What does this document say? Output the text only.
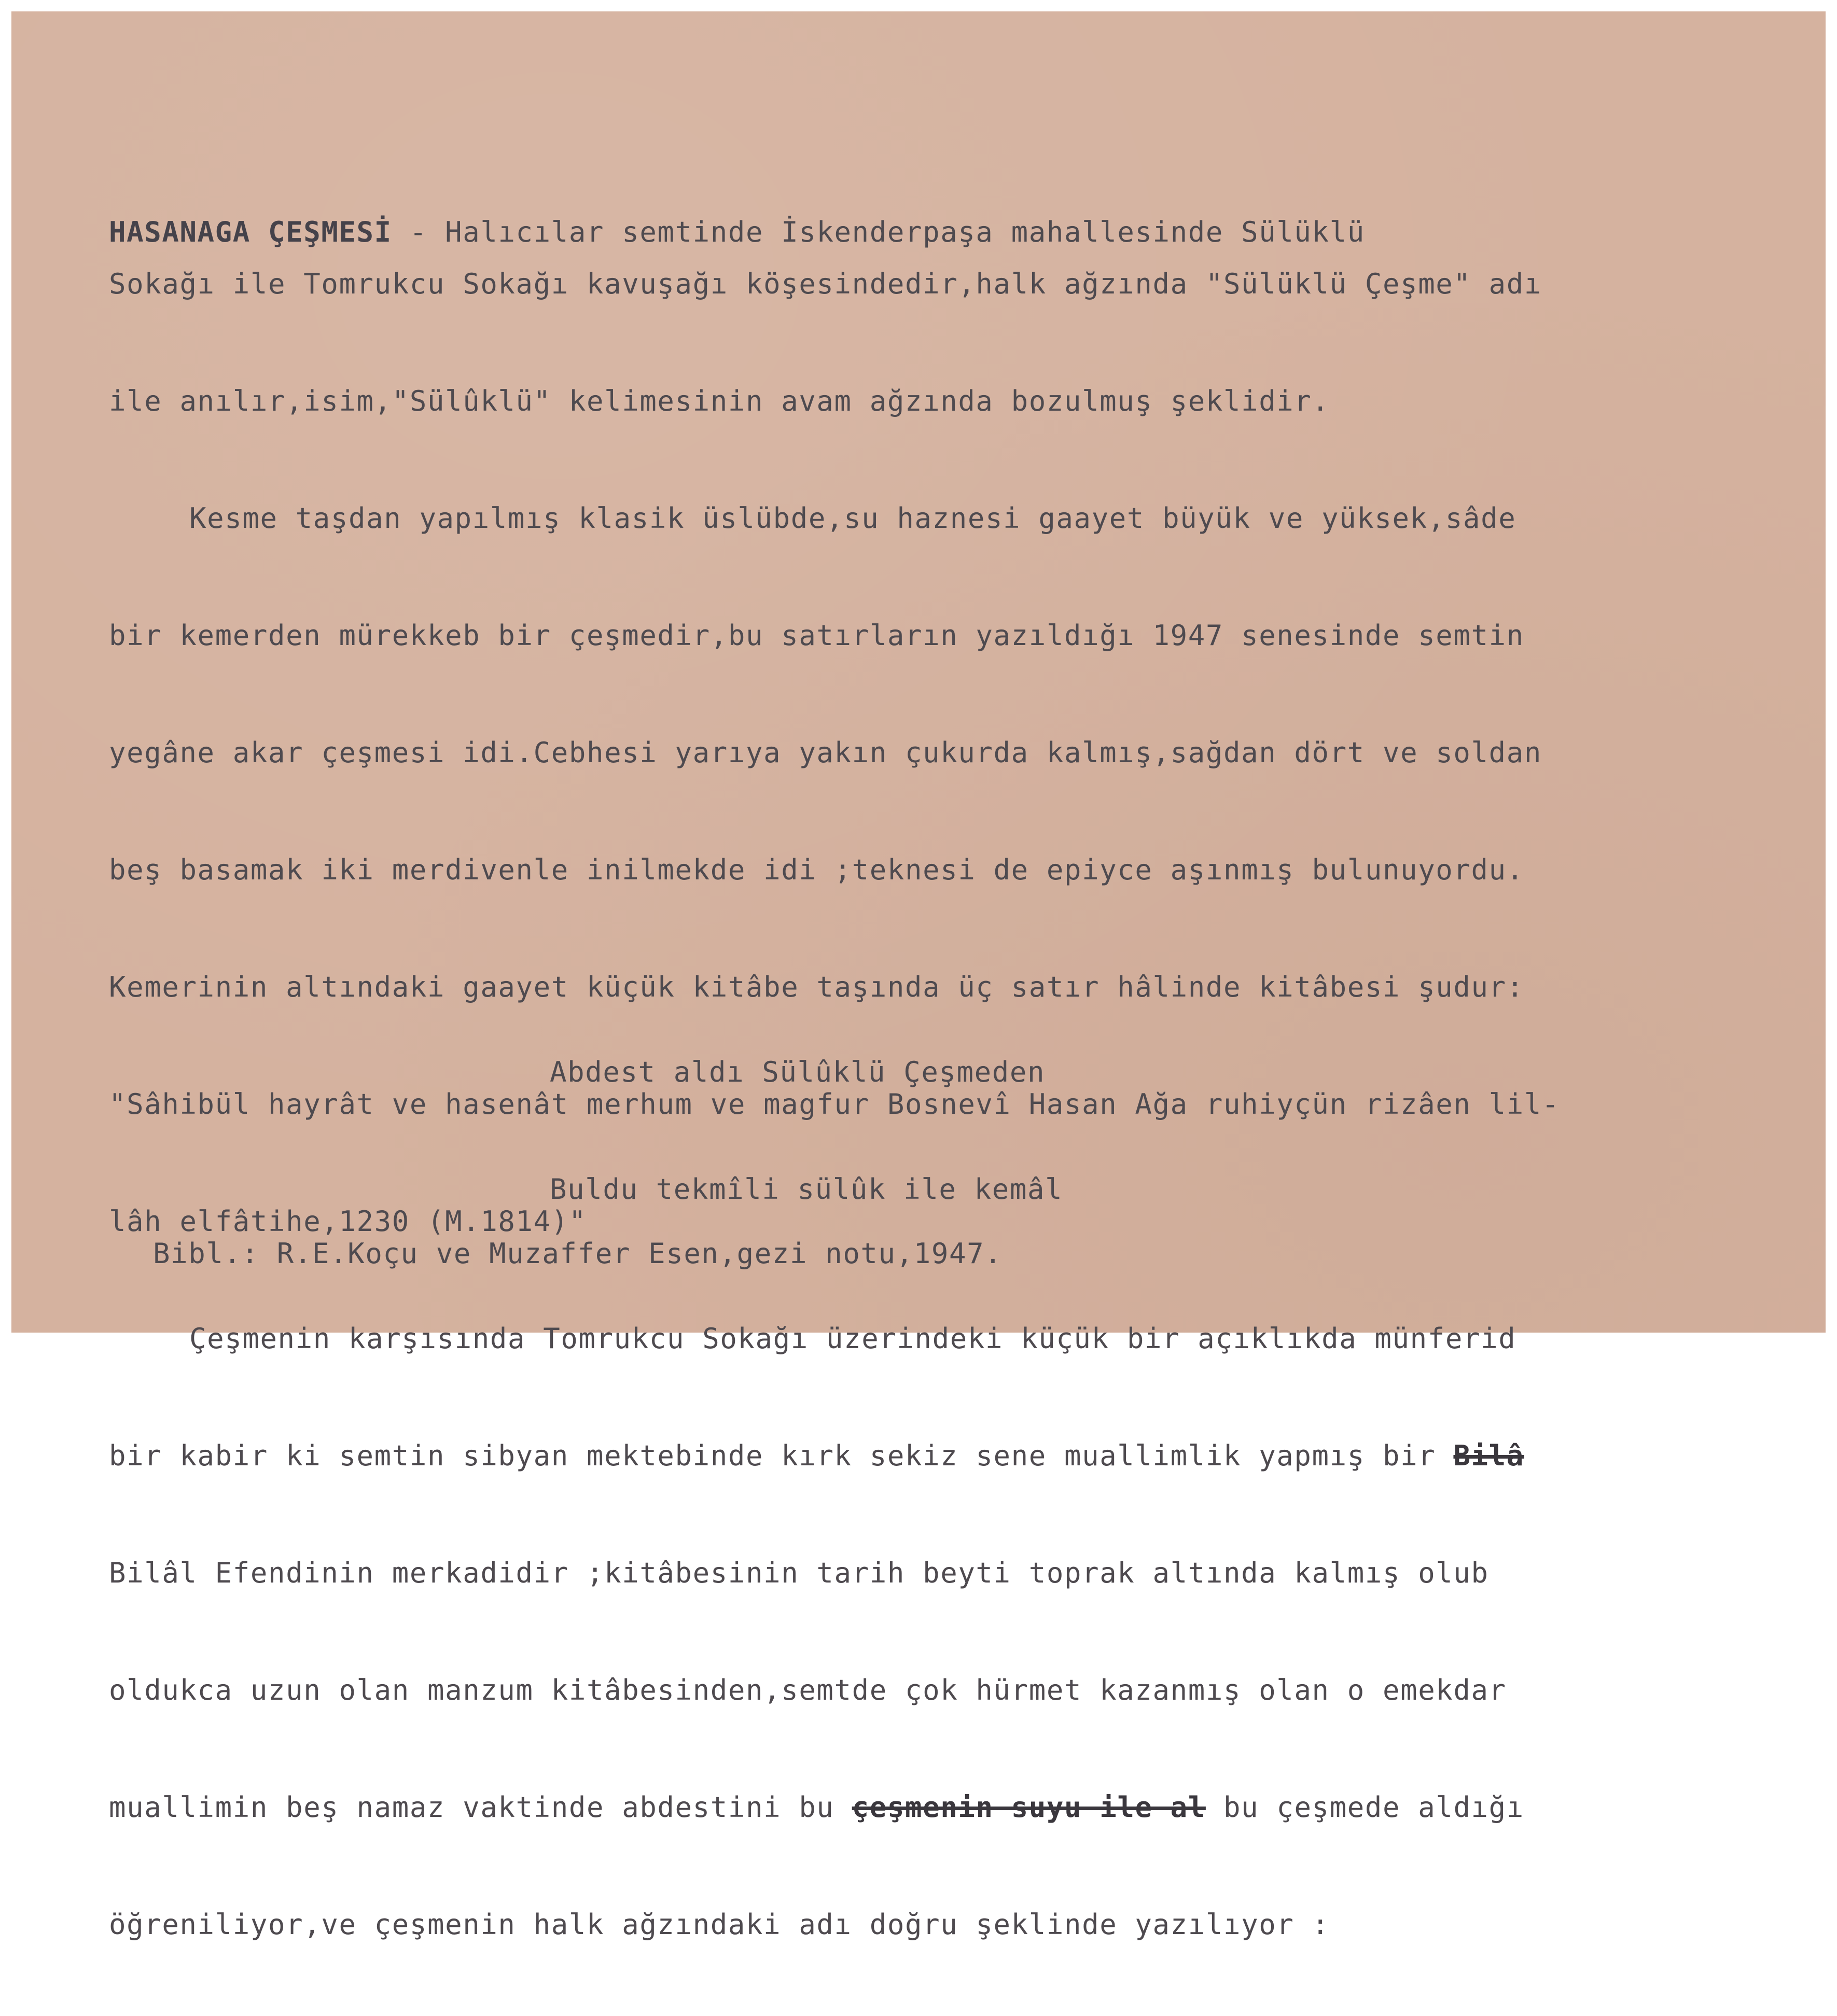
HASANAGA ÇEŞMESİ - Halıcılar semtinde İskenderpaşa mahallesinde Sülüklü

Sokağı ile Tomrukcu Sokağı kavuşağı köşesindedir,halk ağzında "Sülüklü Çeşme" adı

ile anılır,isim,"Sülûklü" kelimesinin avam ağzında bozulmuş şeklidir.

Kesme taşdan yapılmış klasik üslübde,su haznesi gaayet büyük ve yüksek,sâde

bir kemerden mürekkeb bir çeşmedir,bu satırların yazıldığı 1947 senesinde semtin

yegâne akar çeşmesi idi.Cebhesi yarıya yakın çukurda kalmış,sağdan dört ve soldan

beş basamak iki merdivenle inilmekde idi ;teknesi de epiyce aşınmış bulunuyordu.

Kemerinin altındaki gaayet küçük kitâbe taşında üç satır hâlinde kitâbesi şudur:

"Sâhibül hayrât ve hasenât merhum ve magfur Bosnevî Hasan Ağa ruhiyçün rizâen lil-

lâh elfâtihe,1230 (M.1814)"

Çeşmenin karşısında Tomrukcu Sokağı üzerindeki küçük bir açıklıkda münferid

bir kabir ki semtin sibyan mektebinde kırk sekiz sene muallimlik yapmış bir Bilâ

Bilâl Efendinin merkadidir ;kitâbesinin tarih beyti toprak altında kalmış olub

oldukca uzun olan manzum kitâbesinden,semtde çok hürmet kazanmış olan o emekdar

muallimin beş namaz vaktinde abdestini bu çeşmenin suyu ile al bu çeşmede aldığı

öğreniliyor,ve çeşmenin halk ağzındaki adı doğru şeklinde yazılıyor :

Abdest aldı Sülûklü Çeşmeden

Buldu tekmîli sülûk ile kemâl

Bibl.: R.E.Koçu ve Muzaffer Esen,gezi notu,1947.
